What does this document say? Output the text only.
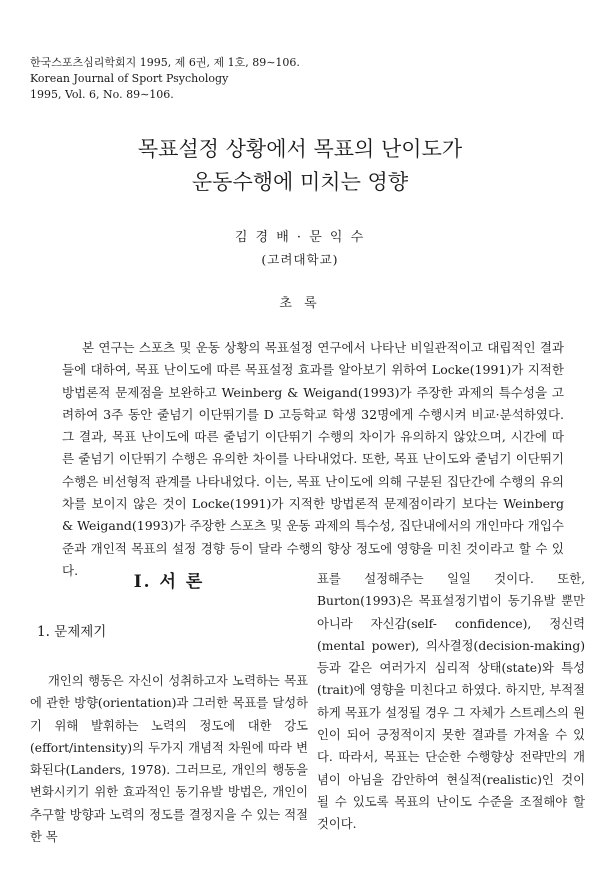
한국스포츠심리학회지 1995, 제 6권, 제 1호, 89∼106.
Korean Journal of Sport Psychology
1995, Vol. 6, No. 89∼106.
목표설정 상황에서 목표의 난이도가
운동수행에 미치는 영향
김 경 배 · 문 익 수
(고려대학교)
초 록

본 연구는 스포츠 및 운동 상황의 목표설정 연구에서 나타난 비일관적이고 대립적인 결과들에 대하여, 목표 난이도에 따른 목표설정 효과를 알아보기 위하여 Locke(1991)가 지적한 방법론적 문제점을 보완하고 Weinberg & Weigand(1993)가 주장한 과제의 특수성을 고려하여 3주 동안 줄넘기 이단뛰기를 D 고등학교 학생 32명에게 수행시켜 비교·분석하였다. 그 결과, 목표 난이도에 따른 줄넘기 이단뛰기 수행의 차이가 유의하지 않았으며, 시간에 따른 줄넘기 이단뛰기 수행은 유의한 차이를 나타내었다. 또한, 목표 난이도와 줄넘기 이단뛰기 수행은 비선형적 관계를 나타내었다. 이는, 목표 난이도에 의해 구분된 집단간에 수행의 유의차를 보이지 않은 것이 Locke(1991)가 지적한 방법론적 문제점이라기 보다는 Weinberg & Weigand(1993)가 주장한 스포츠 및 운동 과제의 특수성, 집단내에서의 개인마다 개입수준과 개인적 목표의 설정 경향 등이 달라 수행의 향상 정도에 영향을 미친 것이라고 할 수 있다.

Ⅰ. 서 론
1. 문제제기

개인의 행동은 자신이 성취하고자 노력하는 목표에 관한 방향(orientation)과 그러한 목표를 달성하기 위해 발휘하는 노력의 정도에 대한 강도(effort/intensity)의 두가지 개념적 차원에 따라 변화된다(Landers, 1978). 그러므로, 개인의 행동을 변화시키기 위한 효과적인 동기유발 방법은, 개인이 추구할 방향과 노력의 정도를 결정지을 수 있는 적절한 목

표를 설정해주는 일일 것이다. 또한, Burton(1993)은 목표설정기법이 동기유발 뿐만 아니라 자신감(self- confidence), 정신력(mental power), 의사결정(decision-making) 등과 같은 여러가지 심리적 상태(state)와 특성(trait)에 영향을 미친다고 하였다. 하지만, 부적절하게 목표가 설정될 경우 그 자체가 스트레스의 원인이 되어 긍정적이지 못한 결과를 가져올 수 있다. 따라서, 목표는 단순한 수행향상 전략만의 개념이 아님을 감안하여 현실적(realistic)인 것이 될 수 있도록 목표의 난이도 수준을 조절해야 할 것이다.
